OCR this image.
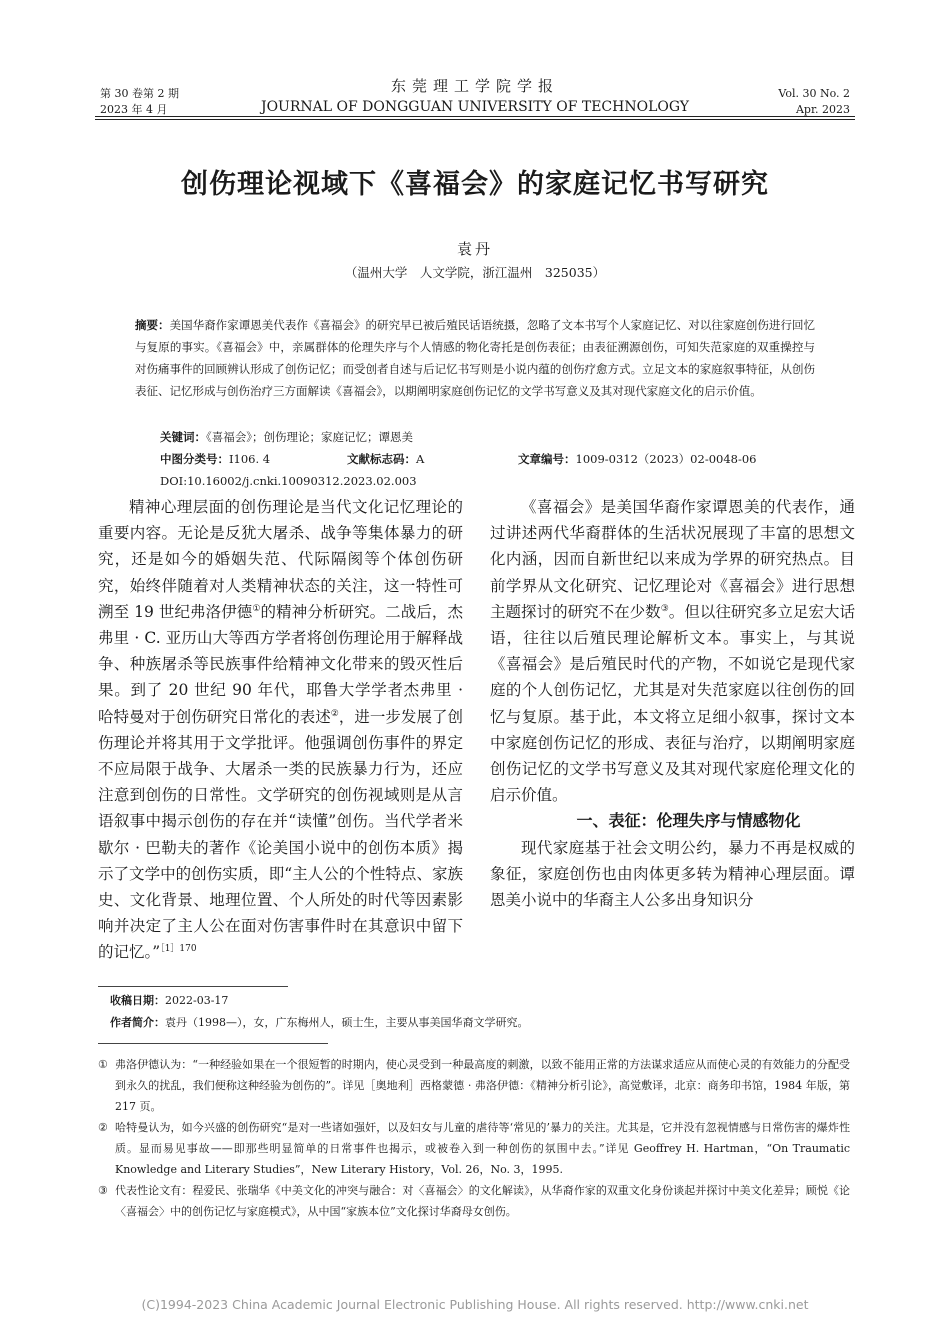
第 30 卷第 2 期
2023 年 4 月
东莞理工学院学报
JOURNAL OF DONGGUAN UNIVERSITY OF TECHNOLOGY
Vol. 30 No. 2
Apr. 2023
创伤理论视域下《喜福会》的家庭记忆书写研究
袁丹
（温州大学　人文学院，浙江温州　325035）
摘要：美国华裔作家谭恩美代表作《喜福会》的研究早已被后殖民话语统摄，忽略了文本书写个人家庭记忆、对以往家庭创伤进行回忆与复原的事实。《喜福会》中，亲属群体的伦理失序与个人情感的物化寄托是创伤表征；由表征溯源创伤，可知失范家庭的双重操控与对伤痛事件的回顾辨认形成了创伤记忆；而受创者自述与后记忆书写则是小说内蕴的创伤疗愈方式。立足文本的家庭叙事特征，从创伤表征、记忆形成与创伤治疗三方面解读《喜福会》，以期阐明家庭创伤记忆的文学书写意义及其对现代家庭文化的启示价值。
关键词：《喜福会》；创伤理论；家庭记忆；谭恩美
中图分类号：I106. 4	文献标志码：A	文章编号：1009-0312（2023）02-0048-06
DOI:10.16002/j.cnki.10090312.2023.02.003

精神心理层面的创伤理论是当代文化记忆理论的重要内容。无论是反犹大屠杀、战争等集体暴力的研究，还是如今的婚姻失范、代际隔阂等个体创伤研究，始终伴随着对人类精神状态的关注，这一特性可溯至 19 世纪弗洛伊德①的精神分析研究。二战后，杰弗里 · C. 亚历山大等西方学者将创伤理论用于解释战争、种族屠杀等民族事件给精神文化带来的毁灭性后果。到了 20 世纪 90 年代，耶鲁大学学者杰弗里 · 哈特曼对于创伤研究日常化的表述②，进一步发展了创伤理论并将其用于文学批评。他强调创伤事件的界定不应局限于战争、大屠杀一类的民族暴力行为，还应注意到创伤的日常性。文学研究的创伤视域则是从言语叙事中揭示创伤的存在并“读懂”创伤。当代学者米歇尔 · 巴勒夫的著作《论美国小说中的创伤本质》揭示了文学中的创伤实质，即“主人公的个性特点、家族史、文化背景、地理位置、个人所处的时代等因素影响并决定了主人公在面对伤害事件时在其意识中留下的记忆。”$^{[1]170}$

《喜福会》是美国华裔作家谭恩美的代表作，通过讲述两代华裔群体的生活状况展现了丰富的思想文化内涵，因而自新世纪以来成为学界的研究热点。目前学界从文化研究、记忆理论对《喜福会》进行思想主题探讨的研究不在少数③。但以往研究多立足宏大话语，往往以后殖民理论解析文本。事实上，与其说《喜福会》是后殖民时代的产物，不如说它是现代家庭的个人创伤记忆，尤其是对失范家庭以往创伤的回忆与复原。基于此，本文将立足细小叙事，探讨文本中家庭创伤记忆的形成、表征与治疗，以期阐明家庭创伤记忆的文学书写意义及其对现代家庭伦理文化的启示价值。

一、表征：伦理失序与情感物化

现代家庭基于社会文明公约，暴力不再是权威的象征，家庭创伤也由肉体更多转为精神心理层面。谭恩美小说中的华裔主人公多出身知识分

收稿日期：2022-03-17
作者简介：袁丹（1998—），女，广东梅州人，硕士生，主要从事美国华裔文学研究。
① 弗洛伊德认为：“一种经验如果在一个很短暂的时期内，使心灵受到一种最高度的刺激，以致不能用正常的方法谋求适应从而使心灵的有效能力的分配受到永久的扰乱，我们便称这种经验为创伤的”。详见［奥地利］西格蒙德 · 弗洛伊德：《精神分析引论》，高觉敷译，北京：商务印书馆，1984 年版，第 217 页。
② 哈特曼认为，如今兴盛的创伤研究“是对一些诸如强奸，以及妇女与儿童的虐待等‘常见的’暴力的关注。尤其是，它并没有忽视情感与日常伤害的爆炸性质。显而易见事故——即那些明显简单的日常事件也揭示，或被卷入到一种创伤的氛围中去。”详见 Geoffrey H. Hartman，“On Traumatic Knowledge and Literary Studies”，New Literary History，Vol. 26，No. 3，1995.
③ 代表性论文有：程爱民、张瑞华《中美文化的冲突与融合：对〈喜福会〉的文化解读》，从华裔作家的双重文化身份谈起并探讨中美文化差异；顾悦《论〈喜福会〉中的创伤记忆与家庭模式》，从中国“家族本位”文化探讨华裔母女创伤。
(C)1994-2023 China Academic Journal Electronic Publishing House. All rights reserved. http://www.cnki.net
